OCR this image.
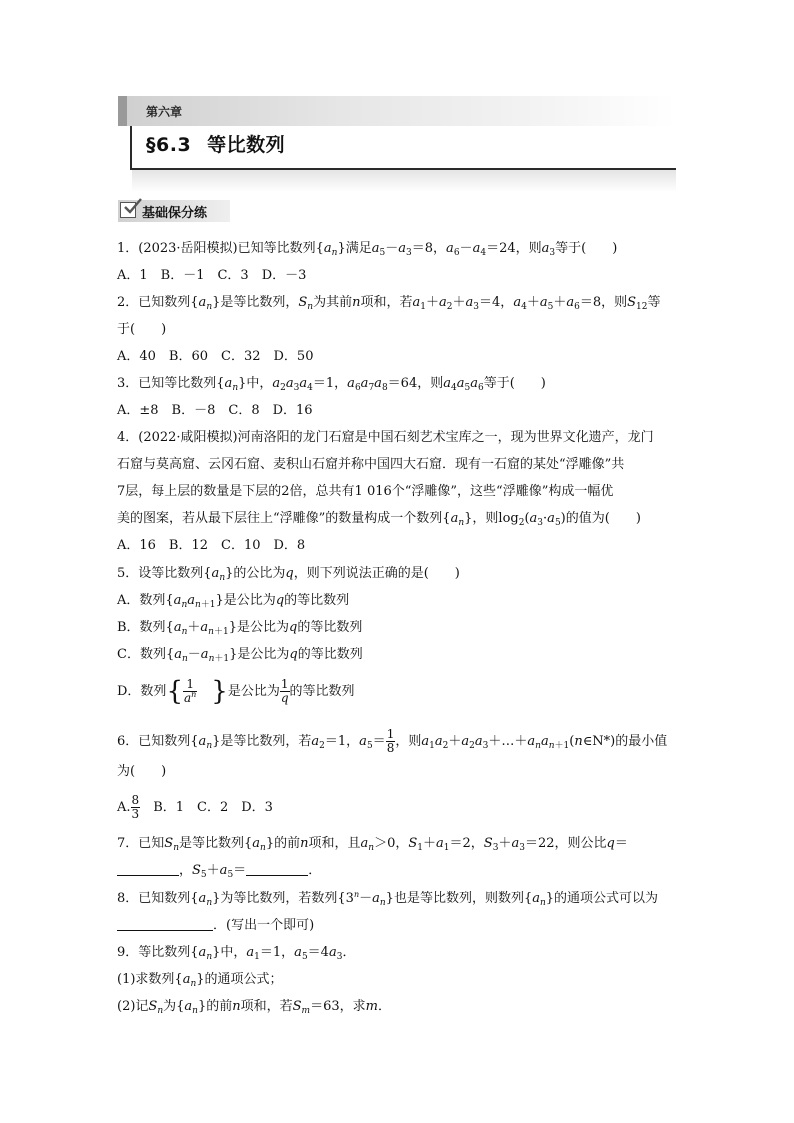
第六章
§6.3 等比数列
基础保分练
1．(2023·岳阳模拟)已知等比数列$\{a_n\}$满足$a_5-a_3=8$，$a_6-a_4=24$，则$a_3$等于(　　)
A．1　B．－1　C．3　D．－3
2．已知数列$\{a_n\}$是等比数列，$S_n$为其前n项和，若$a_1+a_2+a_3=4$，$a_4+a_5+a_6=8$，则$S_{12}$等
于(　　)
A．40　B．60　C．32　D．50
3．已知等比数列$\{a_n\}$中，$a_2a_3a_4=1$，$a_6a_7a_8=64$，则$a_4a_5a_6$等于(　　)
A．±8　B．－8　C．8　D．16
4．(2022·咸阳模拟)河南洛阳的龙门石窟是中国石刻艺术宝库之一，现为世界文化遗产，龙门
石窟与莫高窟、云冈石窟、麦积山石窟并称中国四大石窟．现有一石窟的某处“浮雕像”共
7层，每上层的数量是下层的2倍，总共有1 016个“浮雕像”，这些“浮雕像”构成一幅优
美的图案，若从最下层往上“浮雕像”的数量构成一个数列$\{a_n\}$，则$\log_2(a_3\cdot a_5)$的值为(　　)
A．16　B．12　C．10　D．8
5．设等比数列$\{a_n\}$的公比为q，则下列说法正确的是(　　)
A．数列$\{a_na_{n+1}\}$是公比为q的等比数列
B．数列$\{a_n+a_{n+1}\}$是公比为q的等比数列
C．数列$\{a_n-a_{n+1}\}$是公比为q的等比数列
D．数列{ $\frac{1}{a^n}$ }是公比为 $\frac{1}{q}$ 的等比数列
6．已知数列$\{a_n\}$是等比数列，若$a_2=1$，$a_5= \frac{1}{8}$ ，则$a_1a_2+a_2a_3+\dots+a_na_{n+1}(n\in N*)$的最小值
为(　　)
A. $\frac{8}{3}$
　 B．1　C．2　D．3
7．已知$S_n$是等比数列$\{a_n\}$的前n项和，且$a_n>0$，$S_1+a_1=2$，$S_3+a_3=22$，则公比q＝
，$S_5+a_5=$	．
8．已知数列$\{a_n\}$为等比数列，若数列$\{3^n-a_n\}$也是等比数列，则数列$\{a_n\}$的通项公式可以为
．(写出一个即可)
9．等比数列$\{a_n\}$中，$a_1=1$，$a_5=4a_3$．
(1)求数列$\{a_n\}$的通项公式；
(2)记$S_n$为$\{a_n\}$的前n项和，若$S_m=63$，求m．
